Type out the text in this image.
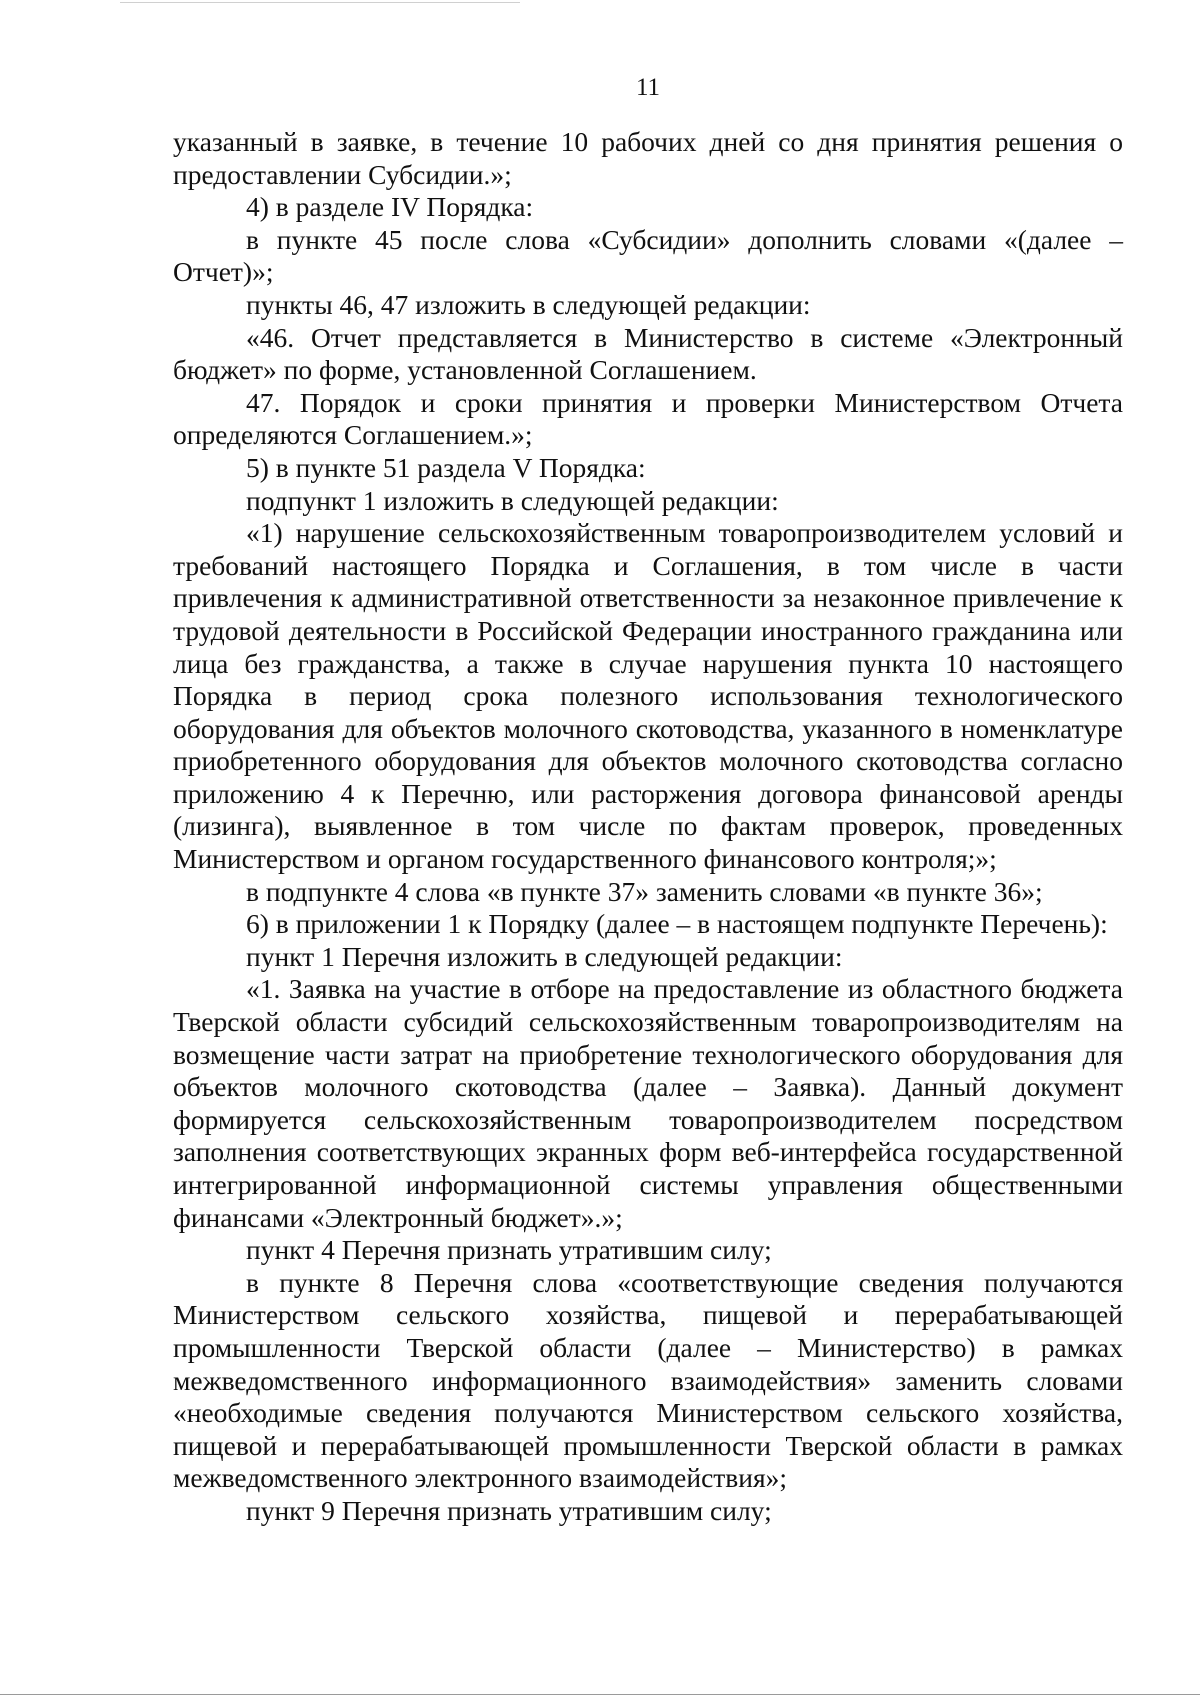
11

указанный в заявке, в течение 10 рабочих дней со дня принятия решения о предоставлении Субсидии.»;

4) в разделе IV Порядка:

в пункте 45 после слова «Субсидии» дополнить словами «(далее – Отчет)»;

пункты 46, 47 изложить в следующей редакции:

«46. Отчет представляется в Министерство в системе «Электронный бюджет» по форме, установленной Соглашением.

47. Порядок и сроки принятия и проверки Министерством Отчета определяются Соглашением.»;

5) в пункте 51 раздела V Порядка:

подпункт 1 изложить в следующей редакции:

«1) нарушение сельскохозяйственным товаропроизводителем условий и требований настоящего Порядка и Соглашения, в том числе в части привлечения к административной ответственности за незаконное привлечение к трудовой деятельности в Российской Федерации иностранного гражданина или лица без гражданства, а также в случае нарушения пункта 10 настоящего Порядка в период срока полезного использования технологического оборудования для объектов молочного скотоводства, указанного в номенклатуре приобретенного оборудования для объектов молочного скотоводства согласно приложению 4 к Перечню, или расторжения договора финансовой аренды (лизинга), выявленное в том числе по фактам проверок, проведенных Министерством и органом государственного финансового контроля;»;

в подпункте 4 слова «в пункте 37» заменить словами «в пункте 36»;

6) в приложении 1 к Порядку (далее – в настоящем подпункте Перечень):

пункт 1 Перечня изложить в следующей редакции:

«1. Заявка на участие в отборе на предоставление из областного бюджета Тверской области субсидий сельскохозяйственным товаропроизводителям на возмещение части затрат на приобретение технологического оборудования для объектов молочного скотоводства (далее – Заявка). Данный документ формируется сельскохозяйственным товаропроизводителем посредством заполнения соответствующих экранных форм веб-интерфейса государственной интегрированной информационной системы управления общественными финансами «Электронный бюджет».»;

пункт 4 Перечня признать утратившим силу;

в пункте 8 Перечня слова «соответствующие сведения получаются Министерством сельского хозяйства, пищевой и перерабатывающей промышленности Тверской области (далее – Министерство) в рамках межведомственного информационного взаимодействия» заменить словами «необходимые сведения получаются Министерством сельского хозяйства, пищевой и перерабатывающей промышленности Тверской области в рамках межведомственного электронного взаимодействия»;

пункт 9 Перечня признать утратившим силу;
